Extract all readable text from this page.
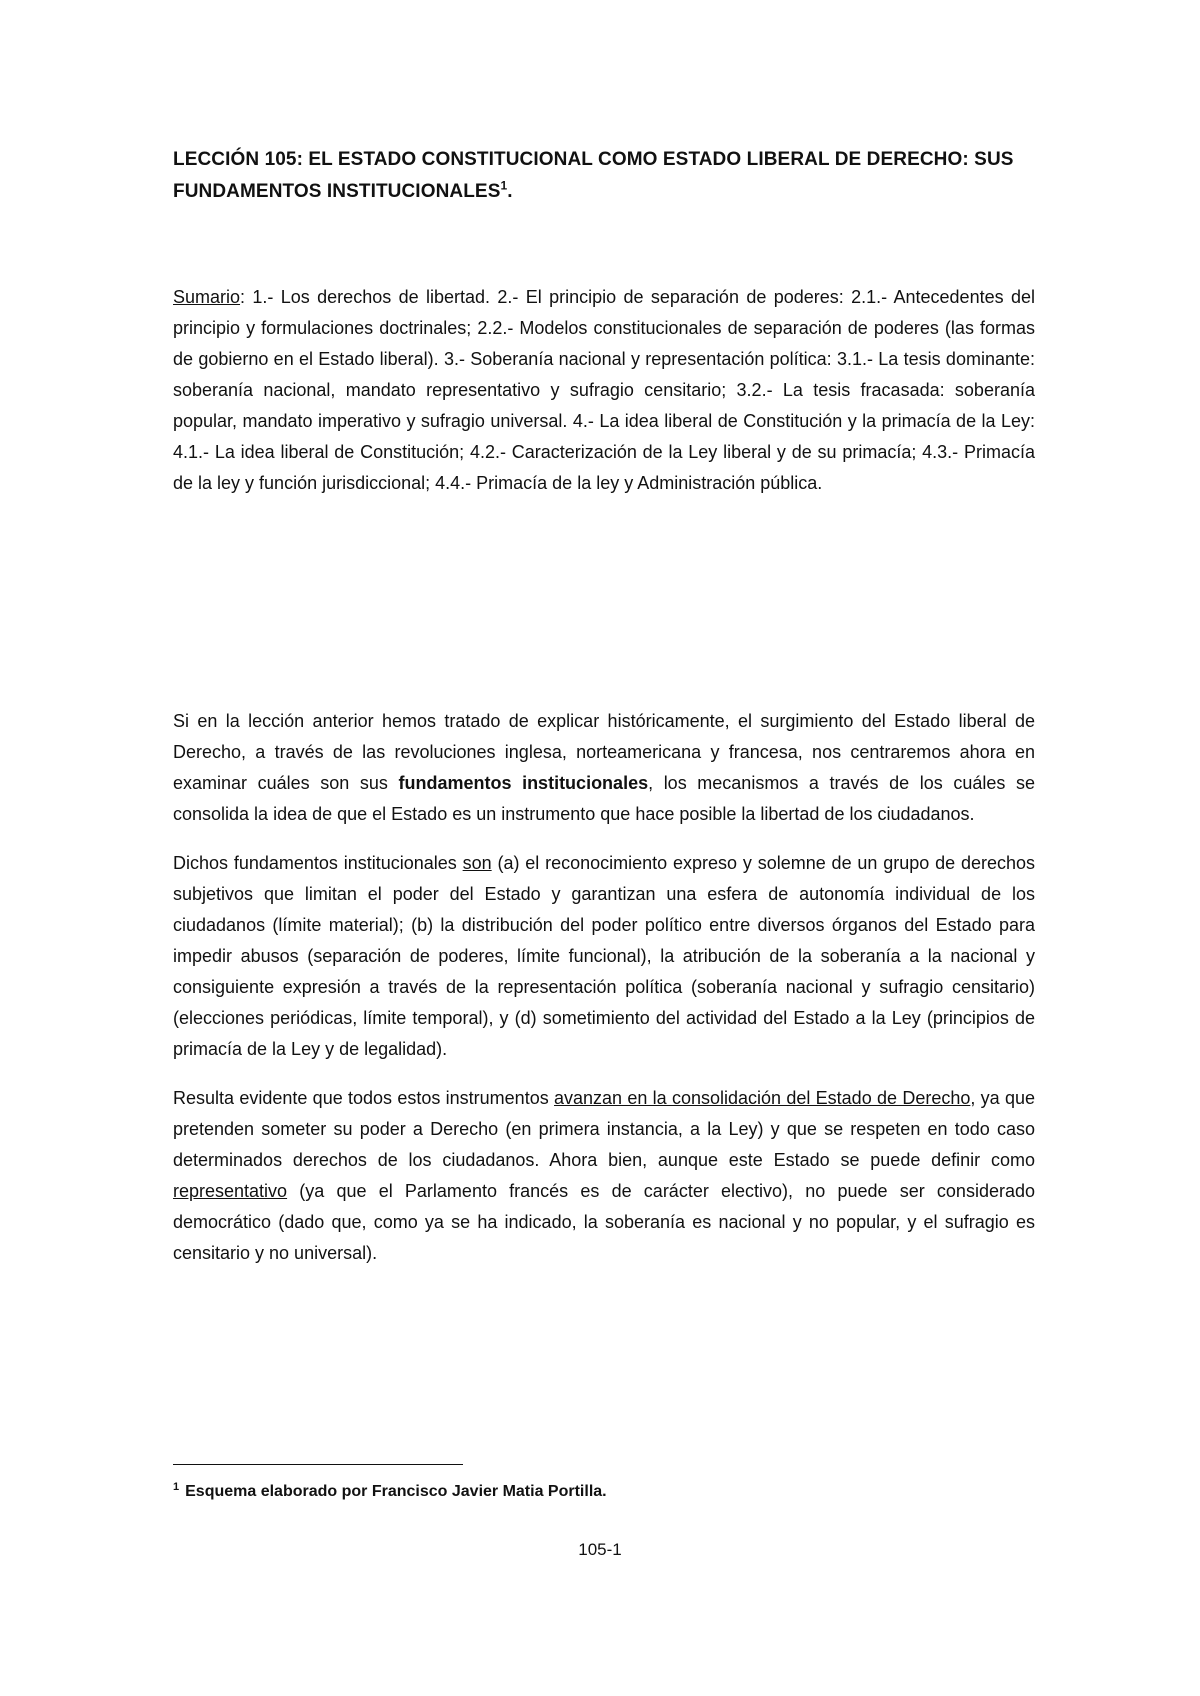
LECCIÓN 105: EL ESTADO CONSTITUCIONAL COMO ESTADO LIBERAL DE DERECHO: SUS FUNDAMENTOS INSTITUCIONALES$^1$.
Sumario: 1.- Los derechos de libertad. 2.- El principio de separación de poderes: 2.1.- Antecedentes del principio y formulaciones doctrinales; 2.2.- Modelos constitucionales de separación de poderes (las formas de gobierno en el Estado liberal). 3.- Soberanía nacional y representación política: 3.1.- La tesis dominante: soberanía nacional, mandato representativo y sufragio censitario; 3.2.- La tesis fracasada: soberanía popular, mandato imperativo y sufragio universal. 4.- La idea liberal de Constitución y la primacía de la Ley: 4.1.- La idea liberal de Constitución; 4.2.- Caracterización de la Ley liberal y de su primacía; 4.3.- Primacía de la ley y función jurisdiccional; 4.4.- Primacía de la ley y Administración pública.

Si en la lección anterior hemos tratado de explicar históricamente, el surgimiento del Estado liberal de Derecho, a través de las revoluciones inglesa, norteamericana y francesa, nos centraremos ahora en examinar cuáles son sus fundamentos institucionales, los mecanismos a través de los cuáles se consolida la idea de que el Estado es un instrumento que hace posible la libertad de los ciudadanos.

Dichos fundamentos institucionales son (a) el reconocimiento expreso y solemne de un grupo de derechos subjetivos que limitan el poder del Estado y garantizan una esfera de autonomía individual de los ciudadanos (límite material); (b) la distribución del poder político entre diversos órganos del Estado para impedir abusos (separación de poderes, límite funcional), la atribución de la soberanía a la nacional y consiguiente expresión a través de la representación política (soberanía nacional y sufragio censitario) (elecciones periódicas, límite temporal), y (d) sometimiento del actividad del Estado a la Ley (principios de primacía de la Ley y de legalidad).

Resulta evidente que todos estos instrumentos avanzan en la consolidación del Estado de Derecho, ya que pretenden someter su poder a Derecho (en primera instancia, a la Ley) y que se respeten en todo caso determinados derechos de los ciudadanos. Ahora bien, aunque este Estado se puede definir como representativo (ya que el Parlamento francés es de carácter electivo), no puede ser considerado democrático (dado que, como ya se ha indicado, la soberanía es nacional y no popular, y el sufragio es censitario y no universal).

$^1$ Esquema elaborado por Francisco Javier Matia Portilla.
105-1
